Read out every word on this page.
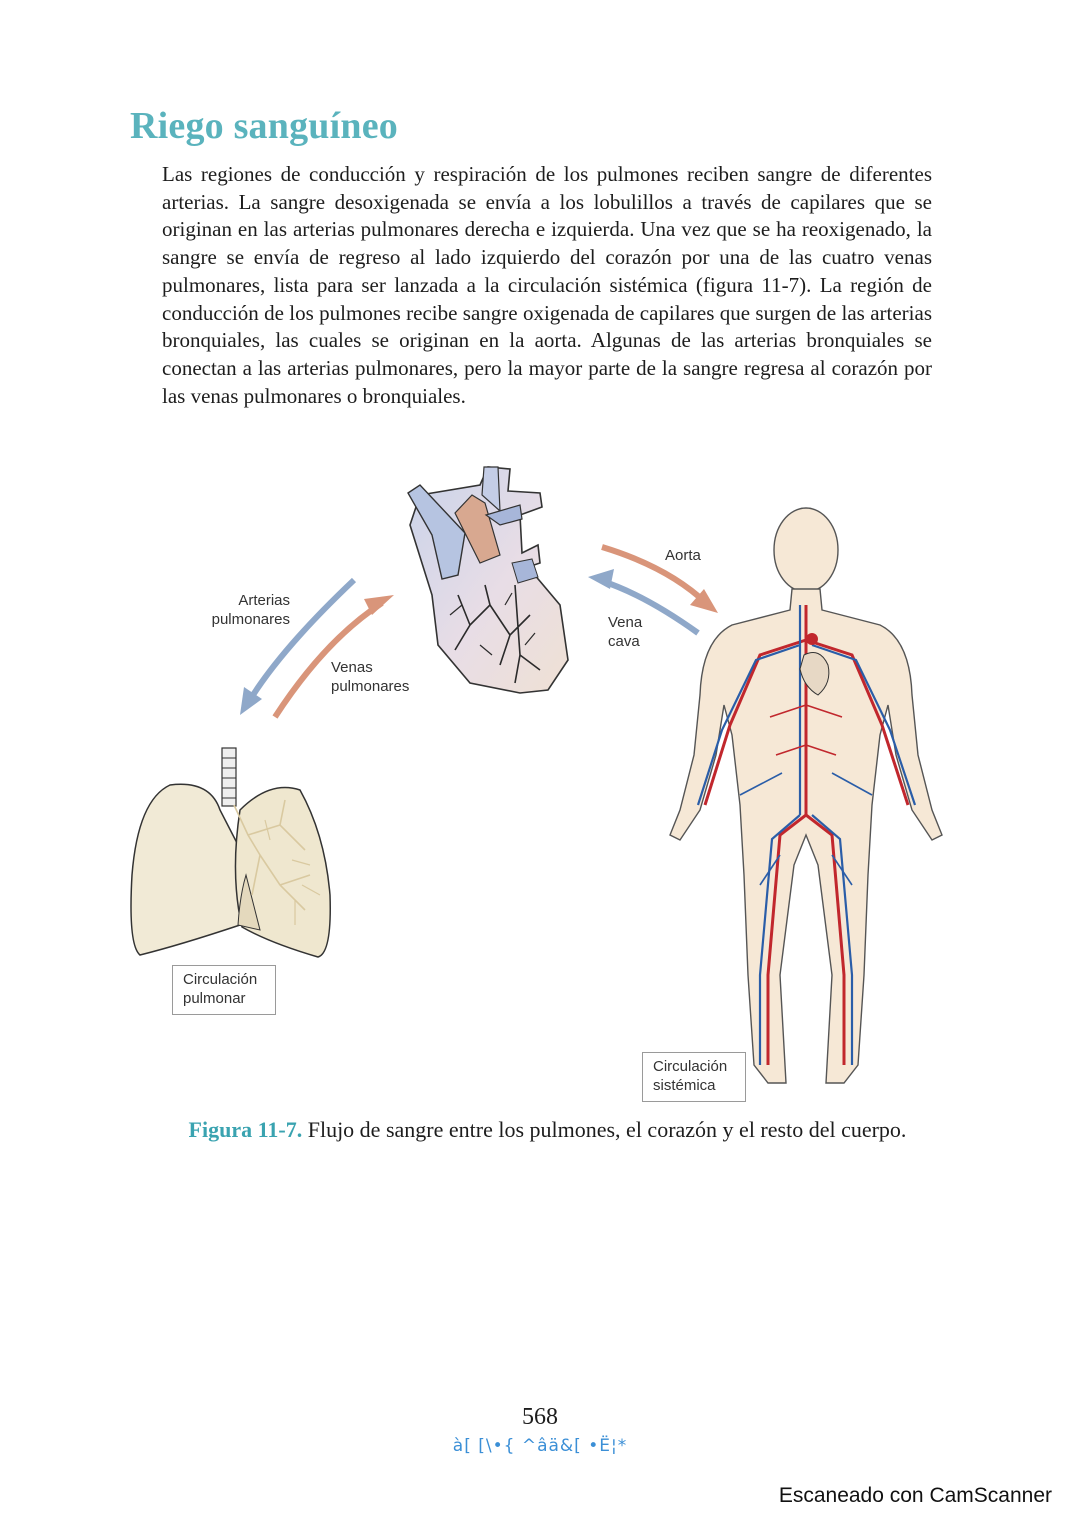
Riego sanguíneo

Las regiones de conducción y respiración de los pulmones reciben sangre de diferentes arterias. La sangre desoxigenada se envía a los lobulillos a través de capilares que se originan en las arterias pulmonares derecha e izquierda. Una vez que se ha reoxigenado, la sangre se envía de regreso al lado izquierdo del corazón por una de las cuatro venas pulmonares, lista para ser lanzada a la circulación sistémica (figura 11-7). La región de conducción de los pulmones recibe sangre oxigenada de capilares que surgen de las arterias bronquiales, las cuales se originan en la aorta. Algunas de las arterias bronquiales se conectan a las arterias pulmonares, pero la mayor parte de la sangre regresa al corazón por las venas pulmonares o bronquiales.

Arterias
pulmonares
Venas
pulmonares
Aorta
Vena
cava
Circulación
pulmonar
Circulación
sistémica
Figura 11-7. Flujo de sangre entre los pulmones, el corazón y el resto del cuerpo.
568
à[ [\•{ ^âä&[ •Ë¦*
Escaneado con CamScanner
